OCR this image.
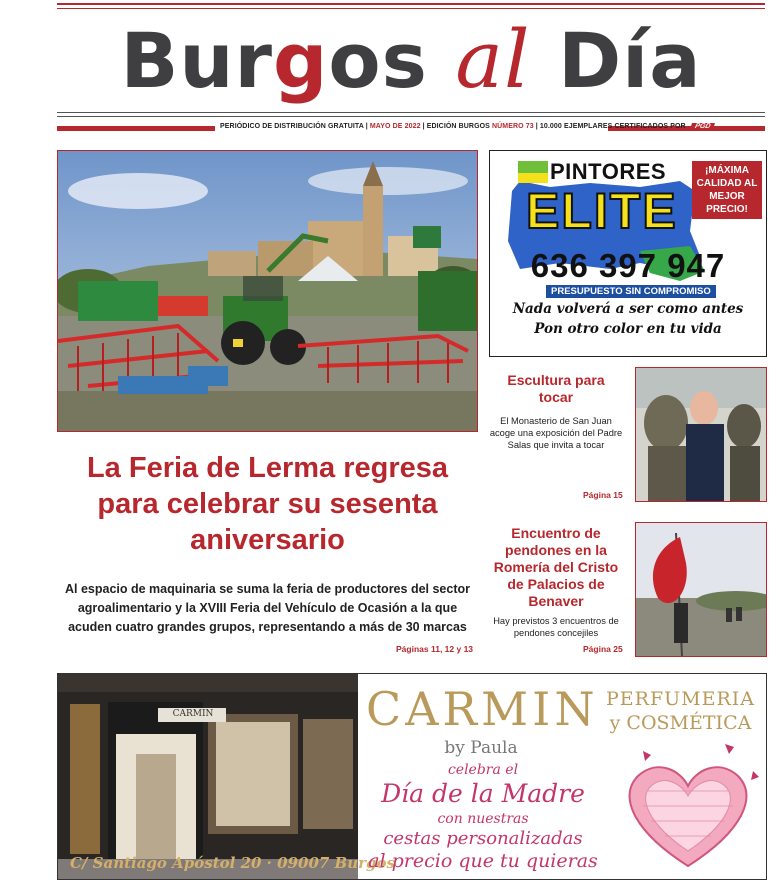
Burgos al Día
PERIÓDICO DE DISTRIBUCIÓN GRATUITA | MAYO DE 2022 | EDICIÓN BURGOS NÚMERO 73 | 10.000 EJEMPLARES CERTIFICADOS POR PGD
La Feria de Lerma regresa para celebrar su sesenta aniversario
Al espacio de maquinaria se suma la feria de productores del sector agroalimentario y la XVIII Feria del Vehículo de Ocasión a la que acuden cuatro grandes grupos, representando a más de 30 marcas
Páginas 11, 12 y 13
PINTORES
ELITE
¡MÁXIMA CALIDAD AL MEJOR PRECIO!
636 397 947
PRESUPUESTO SIN COMPROMISO
Nada volverá a ser como antes
Pon otro color en tu vida
Escultura para tocar
El Monasterio de San Juan acoge una exposición del Padre Salas que invita a tocar
Página 15
Encuentro de pendones en la Romería del Cristo de Palacios de Benaver
Hay previstos 3 encuentros de pendones concejiles
Página 25
CARMIN
C/ Santiago Apóstol 20 · 09007 Burgos
CARMIN
by Paula
PERFUMERIA
y COSMÉTICA
celebra el
Día de la Madre
con nuestras
cestas personalizadas
al precio que tu quieras
